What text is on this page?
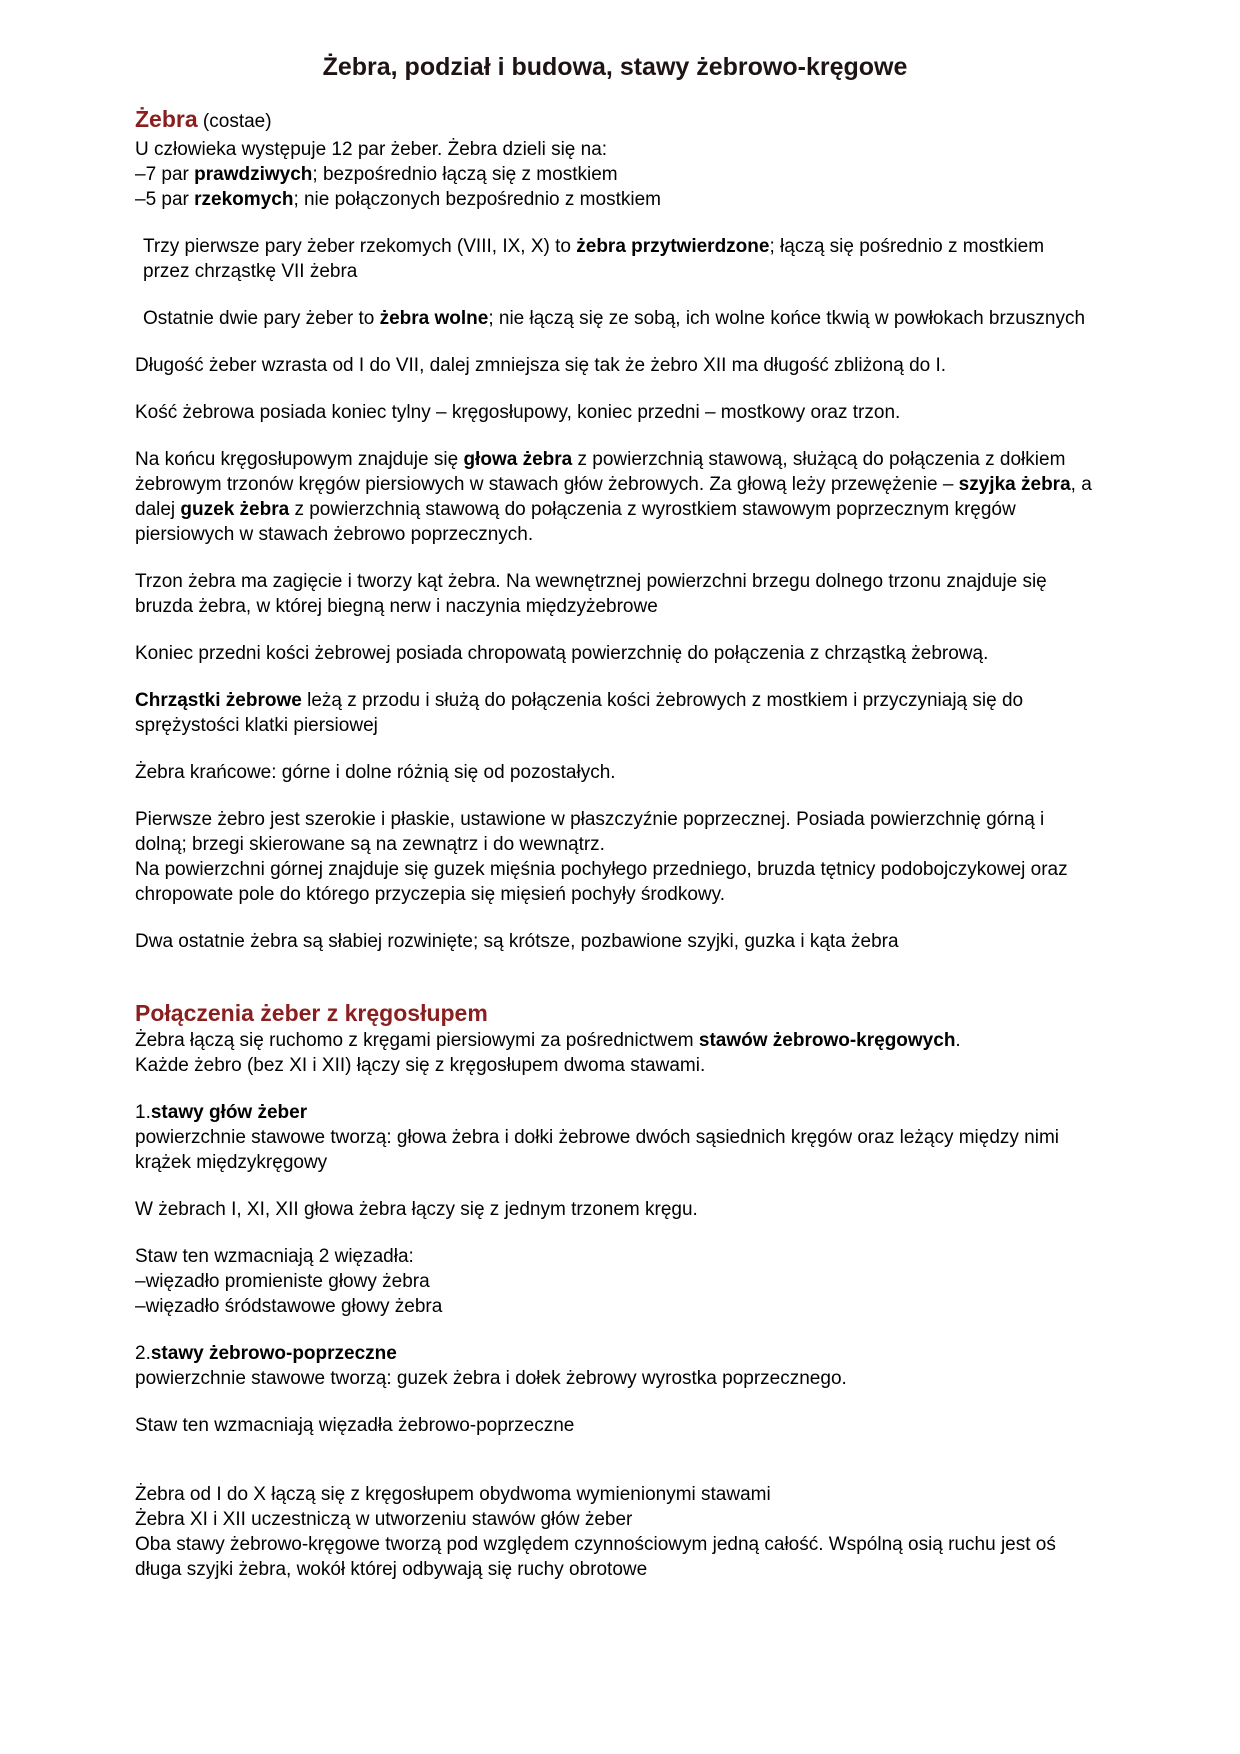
Żebra, podział i budowa, stawy żebrowo-kręgowe
Żebra (costae)
U człowieka występuje 12 par żeber. Żebra dzieli się na:
–7 par prawdziwych; bezpośrednio łączą się z mostkiem
–5 par rzekomych; nie połączonych bezpośrednio z mostkiem
Trzy pierwsze pary żeber rzekomych (VIII, IX, X) to żebra przytwierdzone; łączą się pośrednio z mostkiem przez chrząstkę VII żebra
Ostatnie dwie pary żeber to żebra wolne; nie łączą się ze sobą, ich wolne końce tkwią w powłokach brzusznych
Długość żeber wzrasta od I do VII, dalej zmniejsza się tak że żebro XII ma długość zbliżoną do I.
Kość żebrowa posiada koniec tylny – kręgosłupowy, koniec przedni – mostkowy oraz trzon.
Na końcu kręgosłupowym znajduje się głowa żebra z powierzchnią stawową, służącą do połączenia z dołkiem żebrowym trzonów kręgów piersiowych w stawach głów żebrowych. Za głową leży przewężenie – szyjka żebra, a dalej guzek żebra z powierzchnią stawową do połączenia z wyrostkiem stawowym poprzecznym kręgów piersiowych w stawach żebrowo poprzecznych.
Trzon żebra ma zagięcie i tworzy kąt żebra. Na wewnętrznej powierzchni brzegu dolnego trzonu znajduje się bruzda żebra, w której biegną nerw i naczynia międzyżebrowe
Koniec przedni kości żebrowej posiada chropowatą powierzchnię do połączenia z chrząstką żebrową.
Chrząstki żebrowe leżą z przodu i służą do połączenia kości żebrowych z mostkiem i przyczyniają się do sprężystości klatki piersiowej
Żebra krańcowe: górne i dolne różnią się od pozostałych.
Pierwsze żebro jest szerokie i płaskie, ustawione w płaszczyźnie poprzecznej. Posiada powierzchnię górną i dolną; brzegi skierowane są na zewnątrz i do wewnątrz.
Na powierzchni górnej znajduje się guzek mięśnia pochyłego przedniego, bruzda tętnicy podobojczykowej oraz chropowate pole do którego przyczepia się mięsień pochyły środkowy.
Dwa ostatnie żebra są słabiej rozwinięte; są krótsze, pozbawione szyjki, guzka i kąta żebra
Połączenia żeber z kręgosłupem
Żebra łączą się ruchomo z kręgami piersiowymi za pośrednictwem stawów żebrowo-kręgowych.
Każde żebro (bez XI i XII) łączy się z kręgosłupem dwoma stawami.
1.stawy głów żeber
powierzchnie stawowe tworzą: głowa żebra i dołki żebrowe dwóch sąsiednich kręgów oraz leżący między nimi krążek międzykręgowy
W żebrach I, XI, XII głowa żebra łączy się z jednym trzonem kręgu.
Staw ten wzmacniają 2 więzadła:
–więzadło promieniste głowy żebra
–więzadło śródstawowe głowy żebra
2.stawy żebrowo-poprzeczne
powierzchnie stawowe tworzą: guzek żebra i dołek żebrowy wyrostka poprzecznego.
Staw ten wzmacniają więzadła żebrowo-poprzeczne
Żebra od I do X łączą się z kręgosłupem obydwoma wymienionymi stawami
Żebra XI i XII uczestniczą w utworzeniu stawów głów żeber
Oba stawy żebrowo-kręgowe tworzą pod względem czynnościowym jedną całość. Wspólną osią ruchu jest oś długa szyjki żebra, wokół której odbywają się ruchy obrotowe
